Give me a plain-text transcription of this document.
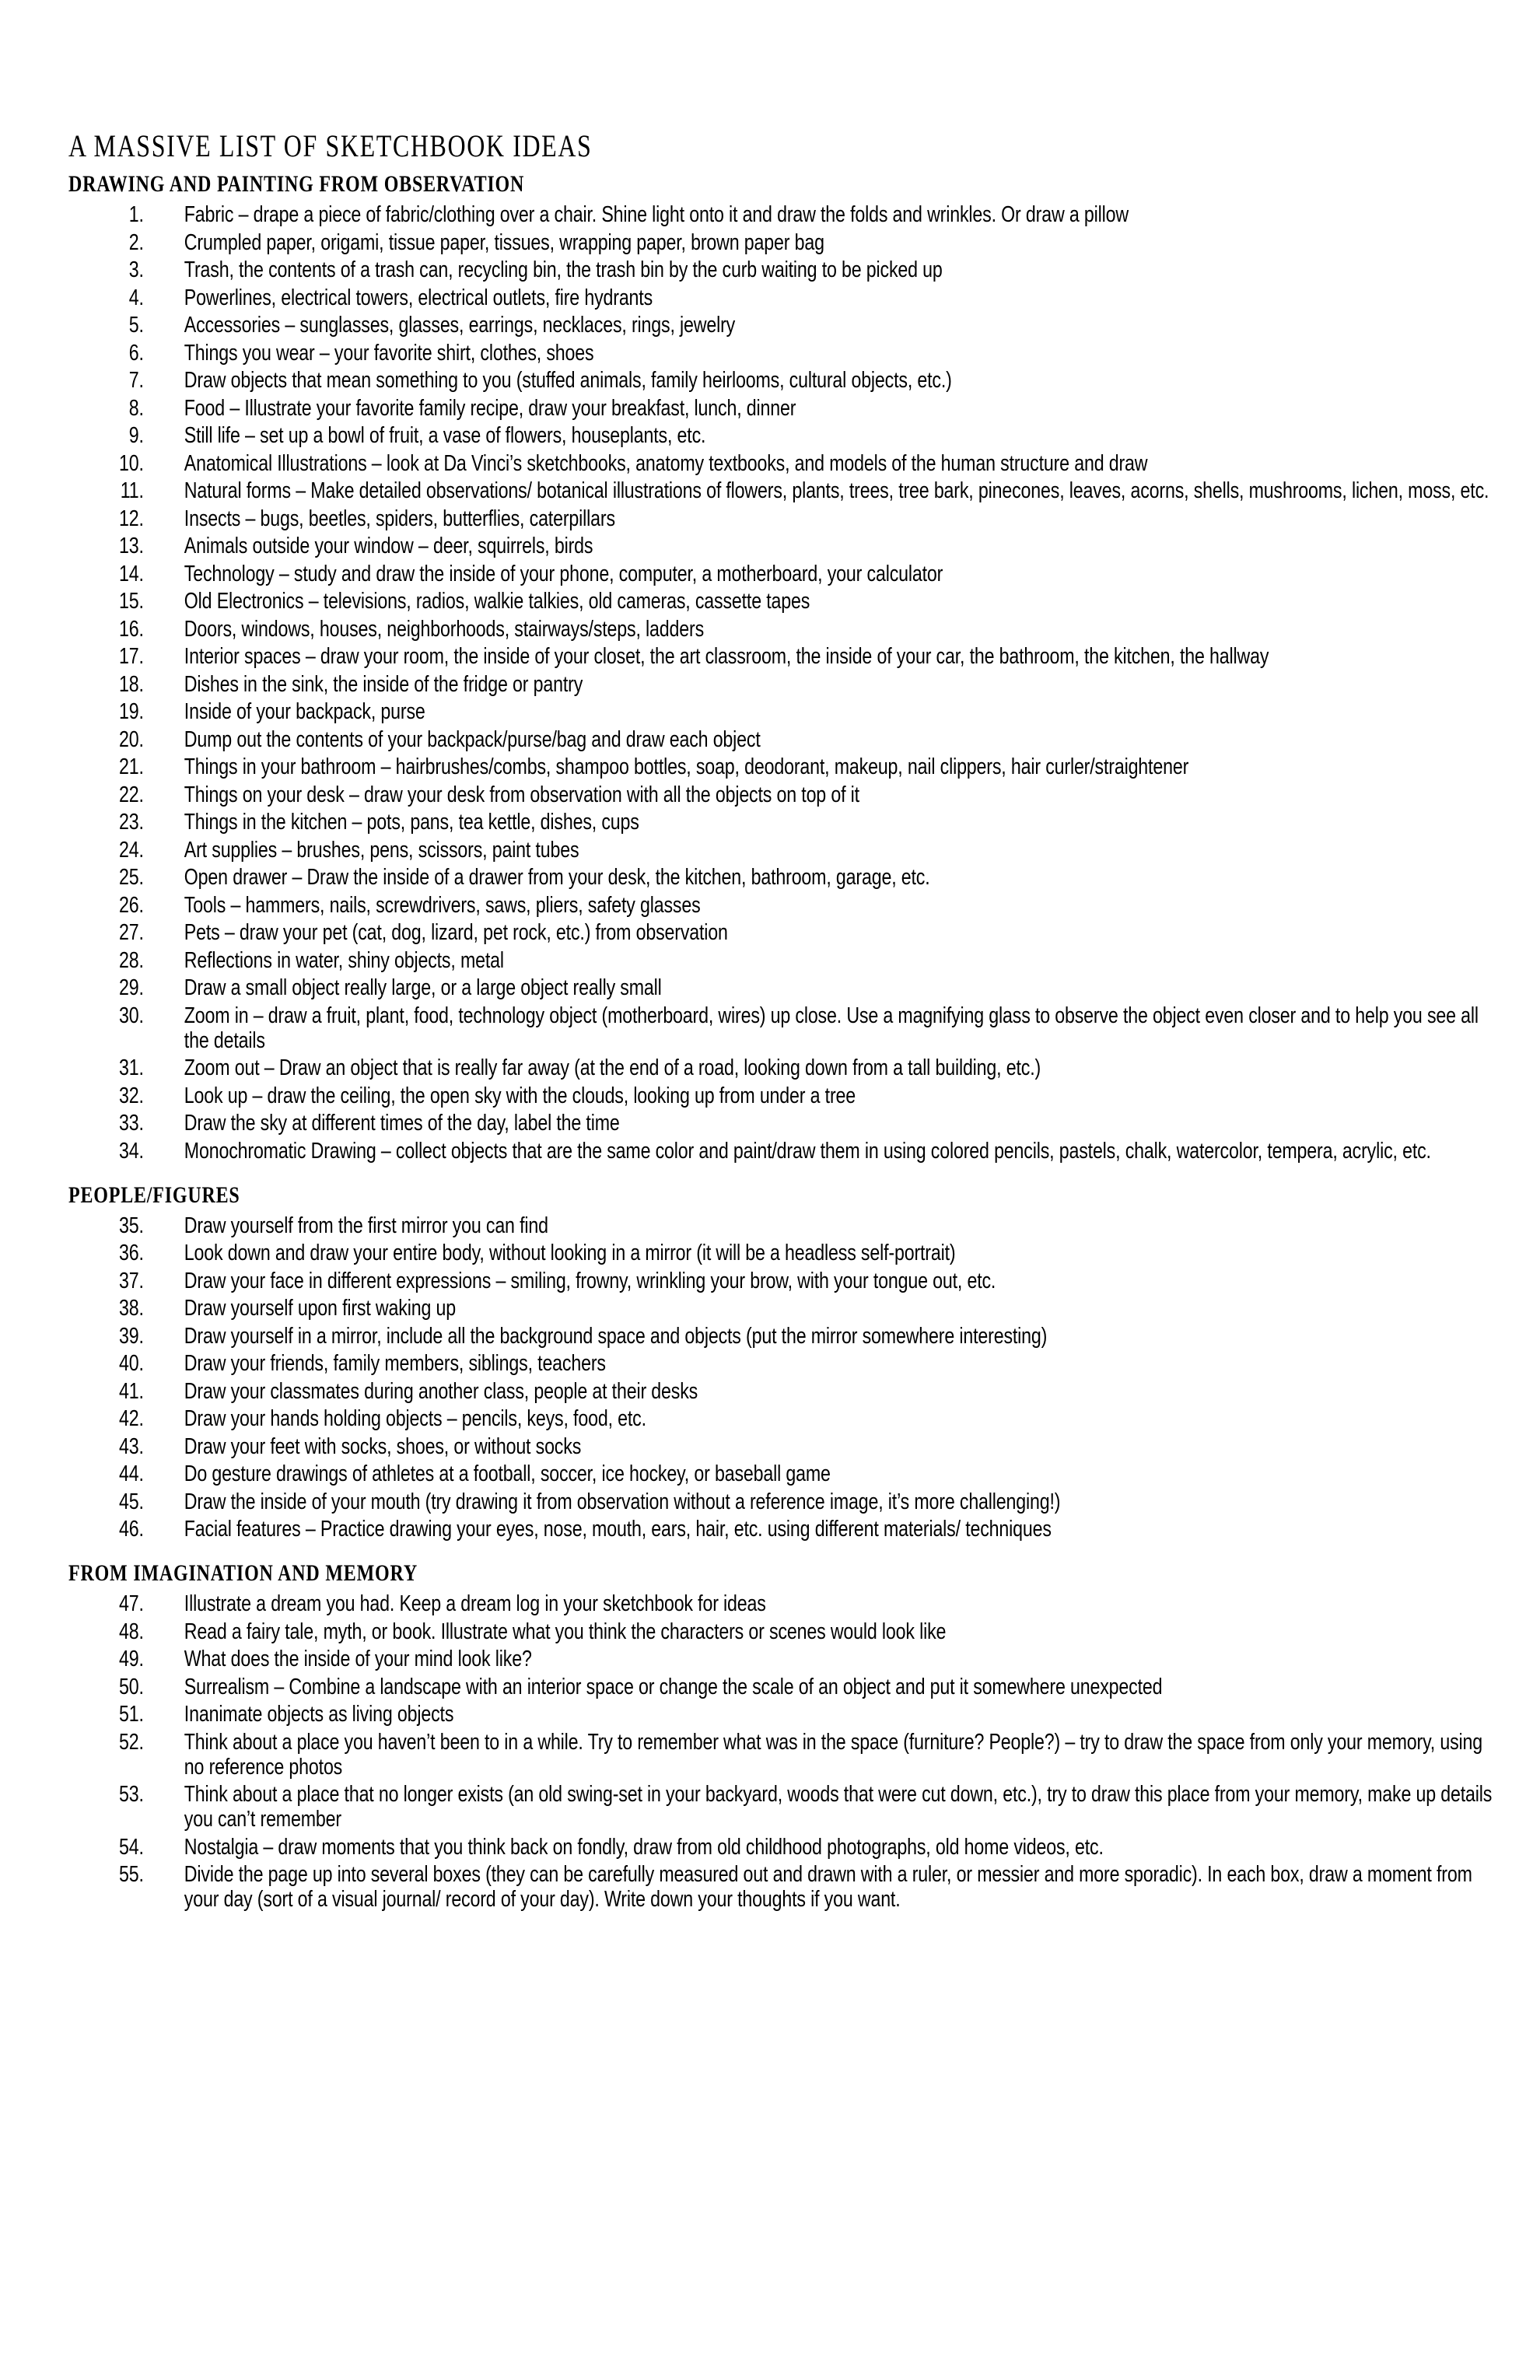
A MASSIVE LIST OF SKETCHBOOK IDEAS
DRAWING AND PAINTING FROM OBSERVATION
1. Fabric – drape a piece of fabric/clothing over a chair. Shine light onto it and draw the folds and wrinkles. Or draw a pillow
2. Crumpled paper, origami, tissue paper, tissues, wrapping paper, brown paper bag
3. Trash, the contents of a trash can, recycling bin, the trash bin by the curb waiting to be picked up
4. Powerlines, electrical towers, electrical outlets, fire hydrants
5. Accessories – sunglasses, glasses, earrings, necklaces, rings, jewelry
6. Things you wear – your favorite shirt, clothes, shoes
7. Draw objects that mean something to you (stuffed animals, family heirlooms, cultural objects, etc.)
8. Food – Illustrate your favorite family recipe, draw your breakfast, lunch, dinner
9. Still life – set up a bowl of fruit, a vase of flowers, houseplants, etc.
10. Anatomical Illustrations – look at Da Vinci’s sketchbooks, anatomy textbooks, and models of the human structure and draw
11. Natural forms – Make detailed observations/ botanical illustrations of flowers, plants, trees, tree bark, pinecones, leaves, acorns, shells, mushrooms, lichen, moss, etc.
12. Insects – bugs, beetles, spiders, butterflies, caterpillars
13. Animals outside your window – deer, squirrels, birds
14. Technology – study and draw the inside of your phone, computer, a motherboard, your calculator
15. Old Electronics – televisions, radios, walkie talkies, old cameras, cassette tapes
16. Doors, windows, houses, neighborhoods, stairways/steps, ladders
17. Interior spaces – draw your room, the inside of your closet, the art classroom, the inside of your car, the bathroom, the kitchen, the hallway
18. Dishes in the sink, the inside of the fridge or pantry
19. Inside of your backpack, purse
20. Dump out the contents of your backpack/purse/bag and draw each object
21. Things in your bathroom – hairbrushes/combs, shampoo bottles, soap, deodorant, makeup, nail clippers, hair curler/straightener
22. Things on your desk – draw your desk from observation with all the objects on top of it
23. Things in the kitchen – pots, pans, tea kettle, dishes, cups
24. Art supplies – brushes, pens, scissors, paint tubes
25. Open drawer – Draw the inside of a drawer from your desk, the kitchen, bathroom, garage, etc.
26. Tools – hammers, nails, screwdrivers, saws, pliers, safety glasses
27. Pets – draw your pet (cat, dog, lizard, pet rock, etc.) from observation
28. Reflections in water, shiny objects, metal
29. Draw a small object really large, or a large object really small
30. Zoom in – draw a fruit, plant, food, technology object (motherboard, wires) up close. Use a magnifying glass to observe the object even closer and to help you see all the details
31. Zoom out – Draw an object that is really far away (at the end of a road, looking down from a tall building, etc.)
32. Look up – draw the ceiling, the open sky with the clouds, looking up from under a tree
33. Draw the sky at different times of the day, label the time
34. Monochromatic Drawing – collect objects that are the same color and paint/draw them in using colored pencils, pastels, chalk, watercolor, tempera, acrylic, etc.
PEOPLE/FIGURES
35. Draw yourself from the first mirror you can find
36. Look down and draw your entire body, without looking in a mirror (it will be a headless self-portrait)
37. Draw your face in different expressions – smiling, frowny, wrinkling your brow, with your tongue out, etc.
38. Draw yourself upon first waking up
39. Draw yourself in a mirror, include all the background space and objects (put the mirror somewhere interesting)
40. Draw your friends, family members, siblings, teachers
41. Draw your classmates during another class, people at their desks
42. Draw your hands holding objects – pencils, keys, food, etc.
43. Draw your feet with socks, shoes, or without socks
44. Do gesture drawings of athletes at a football, soccer, ice hockey, or baseball game
45. Draw the inside of your mouth (try drawing it from observation without a reference image, it’s more challenging!)
46. Facial features – Practice drawing your eyes, nose, mouth, ears, hair, etc. using different materials/ techniques
FROM IMAGINATION AND MEMORY
47. Illustrate a dream you had. Keep a dream log in your sketchbook for ideas
48. Read a fairy tale, myth, or book. Illustrate what you think the characters or scenes would look like
49. What does the inside of your mind look like?
50. Surrealism – Combine a landscape with an interior space or change the scale of an object and put it somewhere unexpected
51. Inanimate objects as living objects
52. Think about a place you haven’t been to in a while. Try to remember what was in the space (furniture? People?) – try to draw the space from only your memory, using no reference photos
53. Think about a place that no longer exists (an old swing-set in your backyard, woods that were cut down, etc.), try to draw this place from your memory, make up details you can’t remember
54. Nostalgia – draw moments that you think back on fondly, draw from old childhood photographs, old home videos, etc.
55. Divide the page up into several boxes (they can be carefully measured out and drawn with a ruler, or messier and more sporadic). In each box, draw a moment from your day (sort of a visual journal/ record of your day). Write down your thoughts if you want.
